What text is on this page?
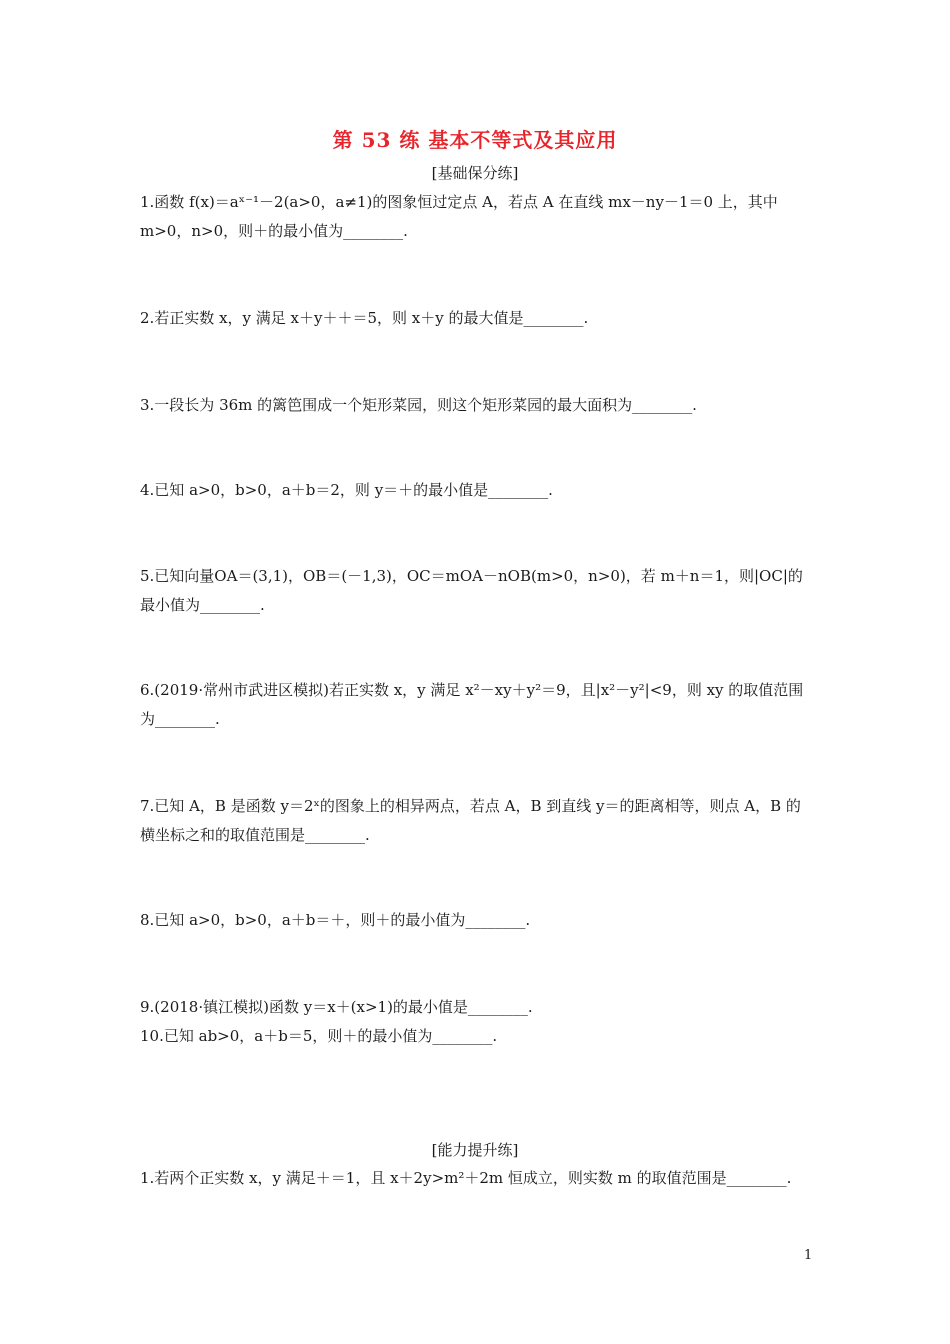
第 53 练 基本不等式及其应用
[基础保分练]
1.函数 f(x)＝aˣ⁻¹－2(a>0，a≠1)的图象恒过定点 A，若点 A 在直线 mx－ny－1＝0 上，其中 m>0，n>0，则＋的最小值为________.
2.若正实数 x，y 满足 x＋y＋＋＝5，则 x＋y 的最大值是________.
3.一段长为 36m 的篱笆围成一个矩形菜园，则这个矩形菜园的最大面积为________.
4.已知 a>0，b>0，a＋b＝2，则 y＝＋的最小值是________.
5.已知向量OA＝(3,1)，OB＝(－1,3)，OC＝mOA－nOB(m>0，n>0)，若 m＋n＝1，则|OC|的最小值为________.
6.(2019·常州市武进区模拟)若正实数 x，y 满足 x²－xy＋y²＝9，且|x²－y²|<9，则 xy 的取值范围为________.
7.已知 A，B 是函数 y＝2ˣ的图象上的相异两点，若点 A，B 到直线 y＝的距离相等，则点 A，B 的横坐标之和的取值范围是________.
8.已知 a>0，b>0，a＋b＝＋，则＋的最小值为________.
9.(2018·镇江模拟)函数 y＝x＋(x>1)的最小值是________.
10.已知 ab>0，a＋b＝5，则＋的最小值为________.
[能力提升练]
1.若两个正实数 x，y 满足＋＝1，且 x＋2y>m²＋2m 恒成立，则实数 m 的取值范围是________.
1
